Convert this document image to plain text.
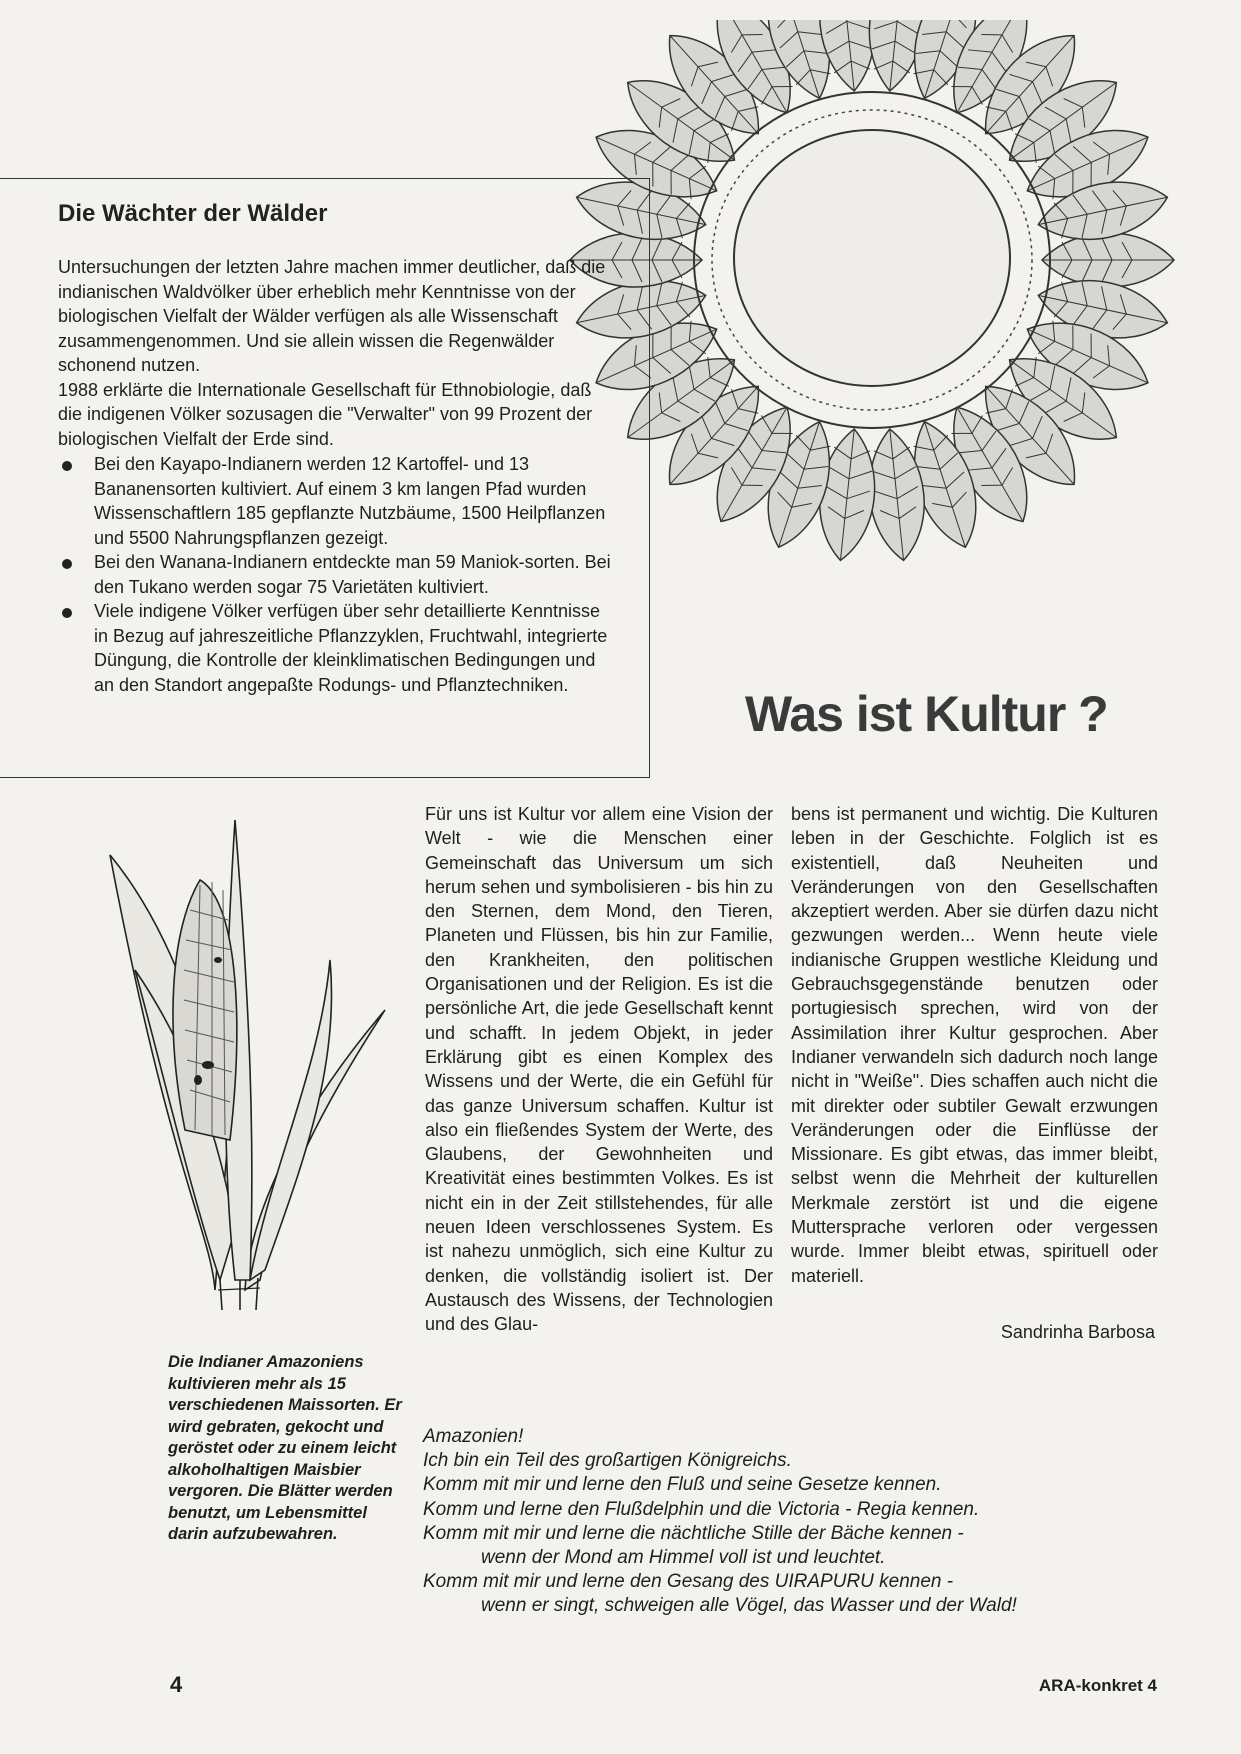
Die Wächter der Wälder
Untersuchungen der letzten Jahre machen immer deutlicher, daß die indianischen Waldvölker über erheblich mehr Kenntnisse von der biologischen Vielfalt der Wälder verfügen als alle Wissenschaft zusammengenommen. Und sie allein wissen die Regenwälder schonend nutzen.
1988 erklärte die Internationale Gesellschaft für Ethnobiologie, daß die indigenen Völker sozusagen die "Verwalter" von 99 Prozent der biologischen Vielfalt der Erde sind.
Bei den Kayapo-Indianern werden 12 Kartoffel- und 13 Bananensorten kultiviert. Auf einem 3 km langen Pfad wurden Wissenschaftlern 185 gepflanzte Nutzbäume, 1500 Heilpflanzen und 5500 Nahrungspflanzen gezeigt.
Bei den Wanana-Indianern entdeckte man 59 Maniok-sorten. Bei den Tukano werden sogar 75 Varietäten kultiviert.
Viele indigene Völker verfügen über sehr detaillierte Kenntnisse in Bezug auf jahreszeitliche Pflanzzyklen, Fruchtwahl, integrierte Düngung, die Kontrolle der kleinklimatischen Bedingungen und an den Standort angepaßte Rodungs- und Pflanztechniken.
Was ist Kultur ?

Für uns ist Kultur vor allem eine Vision der Welt - wie die Menschen einer Gemeinschaft das Universum um sich herum sehen und symbolisieren - bis hin zu den Sternen, dem Mond, den Tieren, Planeten und Flüssen, bis hin zur Familie, den Krankheiten, den politischen Organisationen und der Religion. Es ist die persönliche Art, die jede Gesellschaft kennt und schafft. In jedem Objekt, in jeder Erklärung gibt es einen Komplex des Wissens und der Werte, die ein Gefühl für das ganze Universum schaffen. Kultur ist also ein fließendes System der Werte, des Glaubens, der Gewohnheiten und Kreativität eines bestimmten Volkes. Es ist nicht ein in der Zeit stillstehendes, für alle neuen Ideen verschlossenes System. Es ist nahezu unmöglich, sich eine Kultur zu denken, die vollständig isoliert ist. Der Austausch des Wissens, der Technologien und des Glau-

bens ist permanent und wichtig. Die Kulturen leben in der Geschichte. Folglich ist es existentiell, daß Neuheiten und Veränderungen von den Gesellschaften akzeptiert werden. Aber sie dürfen dazu nicht gezwungen werden... Wenn heute viele indianische Gruppen westliche Kleidung und Gebrauchsgegenstände benutzen oder portugiesisch sprechen, wird von der Assimilation ihrer Kultur gesprochen. Aber Indianer verwandeln sich dadurch noch lange nicht in "Weiße". Dies schaffen auch nicht die mit direkter oder subtiler Gewalt erzwungen Veränderungen oder die Einflüsse der Missionare. Es gibt etwas, das immer bleibt, selbst wenn die Mehrheit der kulturellen Merkmale zerstört ist und die eigene Muttersprache verloren oder vergessen wurde. Immer bleibt etwas, spirituell oder materiell.

Sandrinha Barbosa

Die Indianer Amazoniens kultivieren mehr als 15 verschiedenen Maissorten. Er wird gebraten, gekocht und geröstet oder zu einem leicht alkoholhaltigen Maisbier vergoren. Die Blätter werden benutzt, um Lebensmittel darin aufzubewahren.

Amazonien!
Ich bin ein Teil des großartigen Königreichs.
Komm mit mir und lerne den Fluß und seine Gesetze kennen.
Komm und lerne den Flußdelphin und die Victoria - Regia kennen.
Komm mit mir und lerne die nächtliche Stille der Bäche kennen -
wenn der Mond am Himmel voll ist und leuchtet.
Komm mit mir und lerne den Gesang des UIRAPURU kennen -
wenn er singt, schweigen alle Vögel, das Wasser und der Wald!
4	ARA-konkret 4
